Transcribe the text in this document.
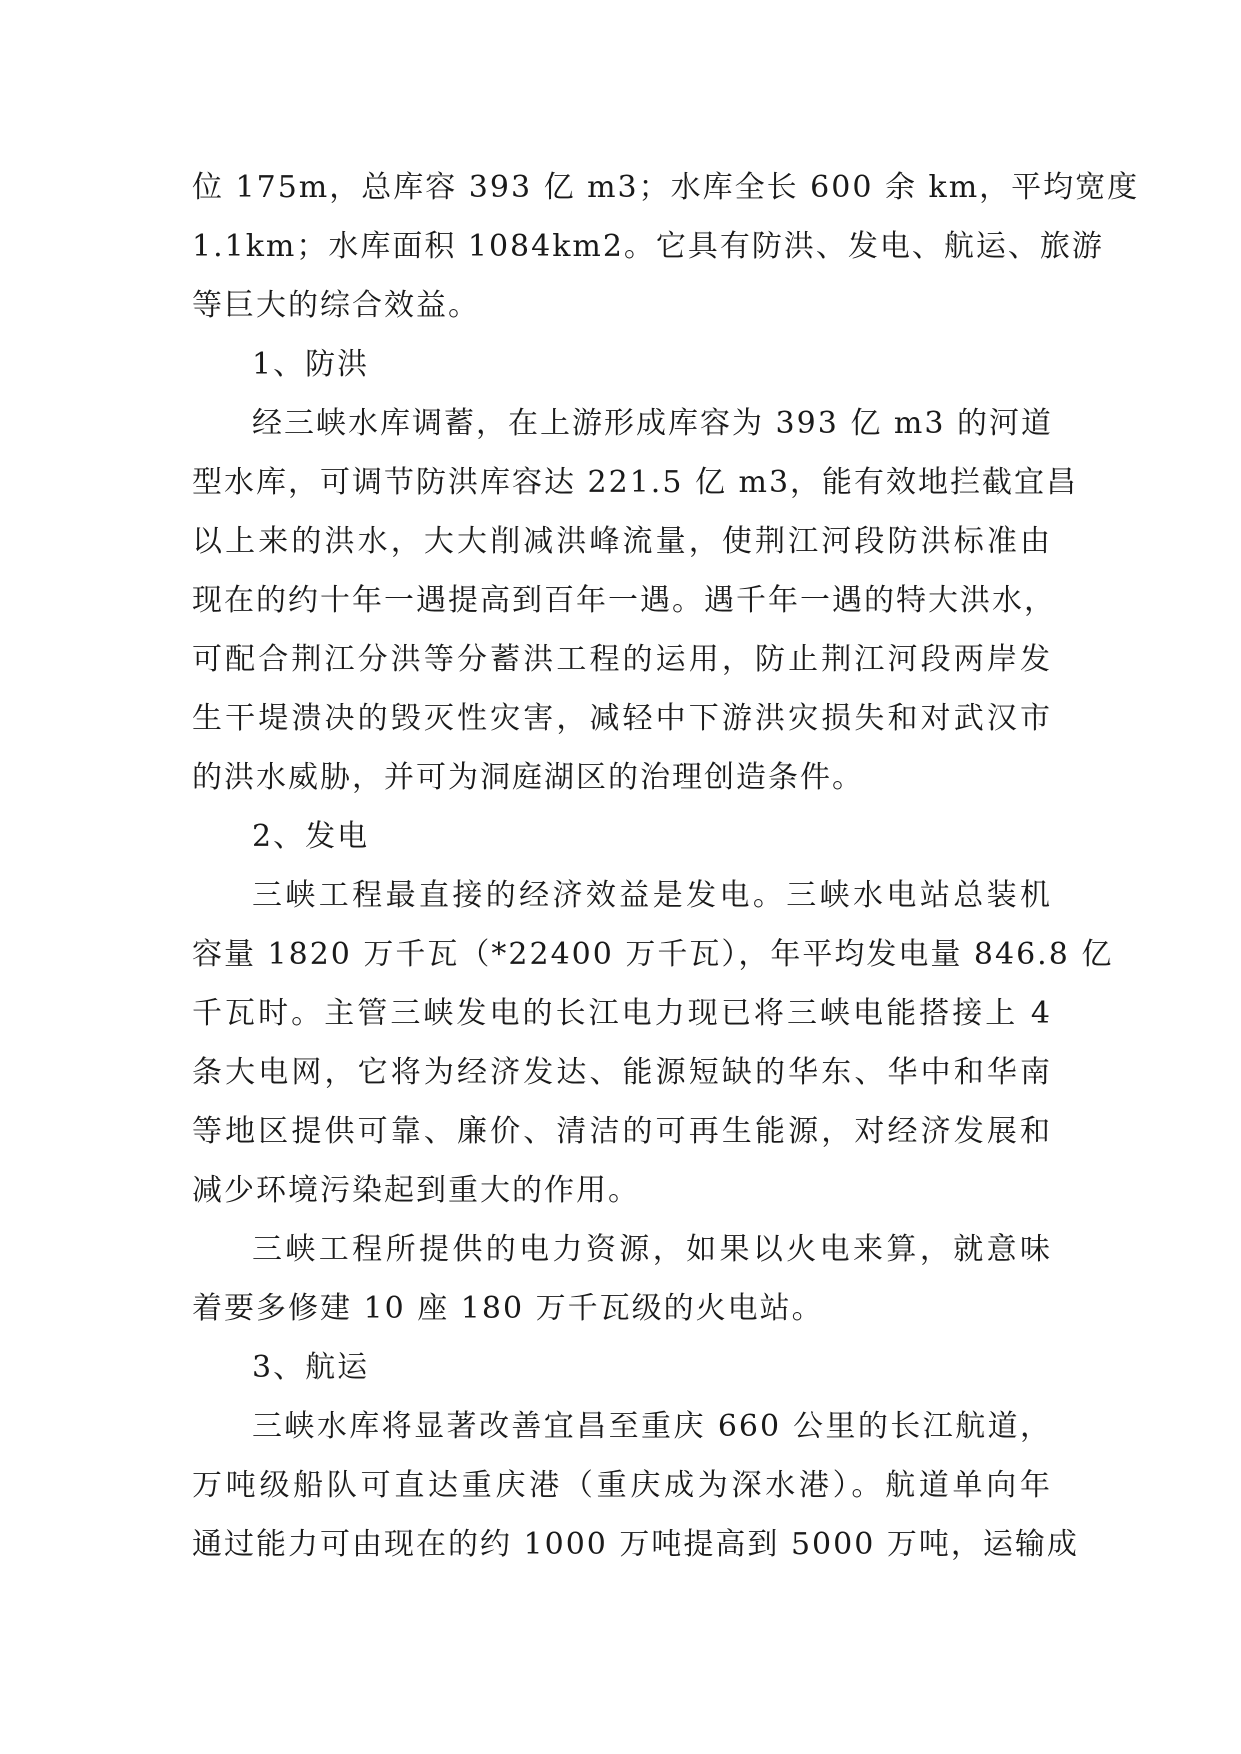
位 175m，总库容 393 亿 m3；水库全长 600 余 km，平均宽度
1.1km；水库面积 1084km2。它具有防洪、发电、航运、旅游
等巨大的综合效益。
1、防洪
经三峡水库调蓄，在上游形成库容为 393 亿 m3 的河道
型水库，可调节防洪库容达 221.5 亿 m3，能有效地拦截宜昌
以上来的洪水，大大削减洪峰流量，使荆江河段防洪标准由
现在的约十年一遇提高到百年一遇。遇千年一遇的特大洪水，
可配合荆江分洪等分蓄洪工程的运用，防止荆江河段两岸发
生干堤溃决的毁灭性灾害，减轻中下游洪灾损失和对武汉市
的洪水威胁，并可为洞庭湖区的治理创造条件。
2、发电
三峡工程最直接的经济效益是发电。三峡水电站总装机
容量 1820 万千瓦（*22400 万千瓦），年平均发电量 846.8 亿
千瓦时。主管三峡发电的长江电力现已将三峡电能搭接上 4
条大电网，它将为经济发达、能源短缺的华东、华中和华南
等地区提供可靠、廉价、清洁的可再生能源，对经济发展和
减少环境污染起到重大的作用。
三峡工程所提供的电力资源，如果以火电来算，就意味
着要多修建 10 座 180 万千瓦级的火电站。
3、航运
三峡水库将显著改善宜昌至重庆 660 公里的长江航道，
万吨级船队可直达重庆港（重庆成为深水港）。航道单向年
通过能力可由现在的约 1000 万吨提高到 5000 万吨，运输成
